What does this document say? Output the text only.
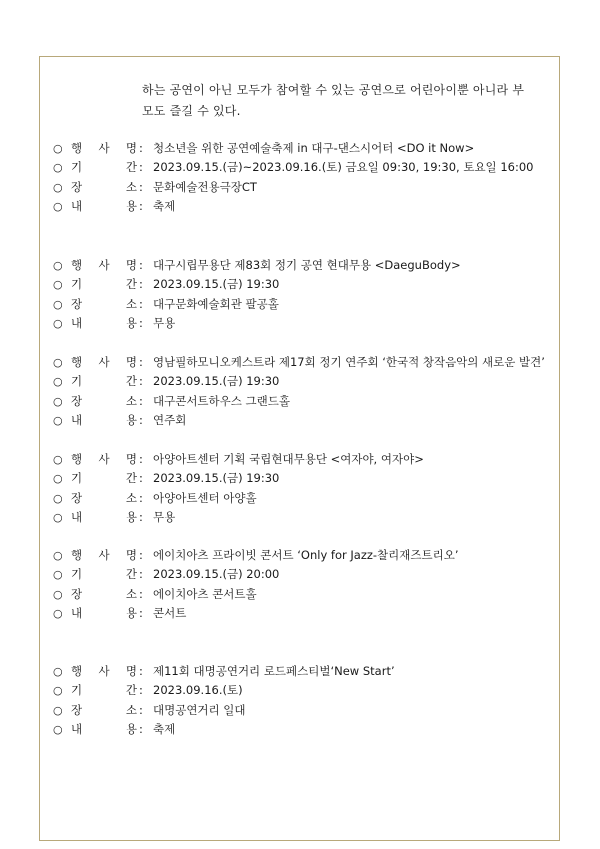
하는 공연이 아닌 모두가 참여할 수 있는 공연으로 어린아이뿐 아니라 부
모도 즐길 수 있다.
○ 행 사 명 : 청소년을 위한 공연예술축제 in 대구-댄스시어터 <DO it Now>
○ 기 간 : 2023.09.15.(금)~2023.09.16.(토) 금요일 09:30, 19:30, 토요일 16:00
○ 장 소 : 문화예술전용극장CT
○ 내 용 : 축제
○ 행 사 명 : 대구시립무용단 제83회 정기 공연 현대무용 <DaeguBody>
○ 기 간 : 2023.09.15.(금) 19:30
○ 장 소 : 대구문화예술회관 팔공홀
○ 내 용 : 무용
○ 행 사 명 : 영남필하모니오케스트라 제17회 정기 연주회 ‘한국적 창작음악의 새로운 발견’
○ 기 간 : 2023.09.15.(금) 19:30
○ 장 소 : 대구콘서트하우스 그랜드홀
○ 내 용 : 연주회
○ 행 사 명 : 아양아트센터 기획 국립현대무용단 <여자야, 여자야>
○ 기 간 : 2023.09.15.(금) 19:30
○ 장 소 : 아양아트센터 아양홀
○ 내 용 : 무용
○ 행 사 명 : 에이치아츠 프라이빗 콘서트 ‘Only for Jazz-찰리재즈트리오’
○ 기 간 : 2023.09.15.(금) 20:00
○ 장 소 : 에이치아츠 콘서트홀
○ 내 용 : 콘서트
○ 행 사 명 : 제11회 대명공연거리 로드페스티벌‘New Start’
○ 기 간 : 2023.09.16.(토)
○ 장 소 : 대명공연거리 일대
○ 내 용 : 축제
